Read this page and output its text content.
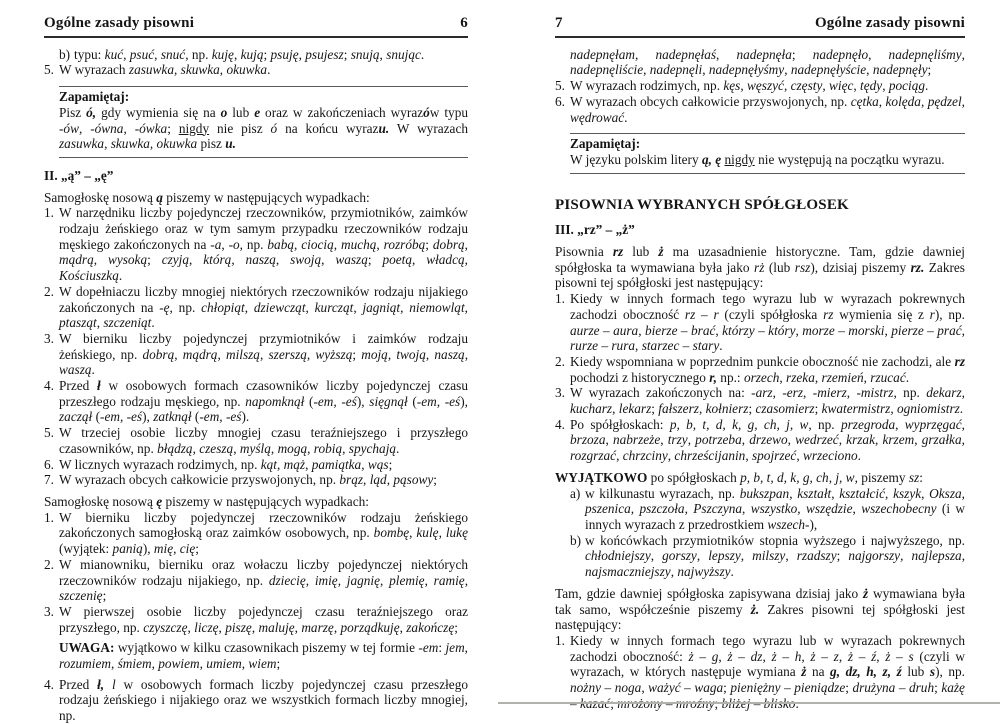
Ogólne zasady pisowni	6
b) typu: kuć, psuć, snuć, np. kuję, kują; psuję, psujesz; snują, snując.
5. W wyrazach zasuwka, skuwka, okuwka.
Zapamiętaj:
Pisz ó, gdy wymienia się na o lub e oraz w zakończeniach wyrazów typu -ów, -ówna, -ówka; nigdy nie pisz ó na końcu wyrazu. W wyrazach zasuwka, skuwka, okuwka pisz u.
II. „ą” – „ę”
Samogłoskę nosową ą piszemy w następujących wypadkach:
1. W narzędniku liczby pojedynczej rzeczowników, przymiotników, zaimków rodzaju żeńskiego oraz w tym samym przypadku rzeczowników rodzaju męskiego zakończonych na -a, -o, np. babą, ciocią, muchą, rozróbą; dobrą, mądrą, wysoką; czyją, którą, naszą, swoją, waszą; poetą, władcą, Kościuszką.
2. W dopełniaczu liczby mnogiej niektórych rzeczowników rodzaju nijakiego zakończonych na -ę, np. chłopiąt, dziewcząt, kurcząt, jagniąt, niemowląt, ptasząt, szczeniąt.
3. W bierniku liczby pojedynczej przymiotników i zaimków rodzaju żeńskiego, np. dobrą, mądrą, milszą, szerszą, wyższą; moją, twoją, naszą, waszą.
4. Przed ł w osobowych formach czasowników liczby pojedynczej czasu przeszłego rodzaju męskiego, np. napomknął (-em, -eś), sięgnął (-em, -eś), zaczął (-em, -eś), zatknął (-em, -eś).
5. W trzeciej osobie liczby mnogiej czasu teraźniejszego i przyszłego czasowników, np. błądzą, czeszą, myślą, mogą, robią, spychają.
6. W licznych wyrazach rodzimych, np. kąt, mąż, pamiątka, wąs;
7. W wyrazach obcych całkowicie przyswojonych, np. brąz, ląd, pąsowy;
Samogłoskę nosową ę piszemy w następujących wypadkach:
1. W bierniku liczby pojedynczej rzeczowników rodzaju żeńskiego zakończonych samogłoską oraz zaimków osobowych, np. bombę, kulę, lukę (wyjątek: panią), mię, cię;
2. W mianowniku, bierniku oraz wołaczu liczby pojedynczej niektórych rzeczowników rodzaju nijakiego, np. dziecię, imię, jagnię, plemię, ramię, szczenię;
3. W pierwszej osobie liczby pojedynczej czasu teraźniejszego oraz przyszłego, np. czyszczę, liczę, piszę, maluję, marzę, porządkuję, zakończę;
UWAGA: wyjątkowo w kilku czasownikach piszemy w tej formie -em: jem, rozumiem, śmiem, powiem, umiem, wiem;
4. Przed ł, l w osobowych formach liczby pojedynczej czasu przeszłego rodzaju żeńskiego i nijakiego oraz we wszystkich formach liczby mnogiej, np.
7	Ogólne zasady pisowni
nadepnęłam, nadepnęłaś, nadepnęła; nadepnęło, nadepnęliśmy, nadepnęliście, nadepnęli, nadepnęłyśmy, nadepnęłyście, nadepnęły;
5. W wyrazach rodzimych, np. kęs, węszyć, częsty, więc, tędy, pociąg.
6. W wyrazach obcych całkowicie przyswojonych, np. cętka, kolęda, pędzel, wędrować.
Zapamiętaj:
W języku polskim litery ą, ę nigdy nie występują na początku wyrazu.
PISOWNIA WYBRANYCH SPÓŁGŁOSEK
III. „rz” – „ż”
Pisownia rz lub ż ma uzasadnienie historyczne. Tam, gdzie dawniej spółgłoska ta wymawiana była jako rż (lub rsz), dzisiaj piszemy rz. Zakres pisowni tej spółgłoski jest następujący:
1. Kiedy w innych formach tego wyrazu lub w wyrazach pokrewnych zachodzi oboczność rz – r (czyli spółgłoska rz wymienia się z r), np. aurze – aura, bierze – brać, którzy – który, morze – morski, pierze – prać, rurze – rura, starzec – stary.
2. Kiedy wspomniana w poprzednim punkcie oboczność nie zachodzi, ale rz pochodzi z historycznego r, np.: orzech, rzeka, rzemień, rzucać.
3. W wyrazach zakończonych na: -arz, -erz, -mierz, -mistrz, np. dekarz, kucharz, lekarz; fałszerz, kołnierz; czasomierz; kwatermistrz, ogniomistrz.
4. Po spółgłoskach: p, b, t, d, k, g, ch, j, w, np. przegroda, wyprzęgać, brzoza, nabrzeże, trzy, potrzeba, drzewo, wedrzeć, krzak, krzem, grzałka, rozgrzać, chrzciny, chrześcijanin, spojrzeć, wrzeciono.
WYJĄTKOWO po spółgłoskach p, b, t, d, k, g, ch, j, w, piszemy sz:
a) w kilkunastu wyrazach, np. bukszpan, kształt, kształcić, kszyk, Oksza, pszenica, pszczoła, Pszczyna, wszystko, wszędzie, wszechobecny (i w innych wyrazach z przedrostkiem wszech-),
b) w końcówkach przymiotników stopnia wyższego i najwyższego, np. chłodniejszy, gorszy, lepszy, milszy, rzadszy; najgorszy, najlepsza, najsmaczniejszy, najwyższy.
Tam, gdzie dawniej spółgłoska zapisywana dzisiaj jako ż wymawiana była tak samo, współcześnie piszemy ż. Zakres pisowni tej spółgłoski jest następujący:
1. Kiedy w innych formach tego wyrazu lub w wyrazach pokrewnych zachodzi oboczność: ż – g, ż – dz, ż – h, ż – z, ż – ź, ż – s (czyli w wyrazach, w których następuje wymiana ż na g, dz, h, z, ź lub s), np. nożny – noga, ważyć – waga; pieniężny – pieniądze; drużyna – druh; każę
